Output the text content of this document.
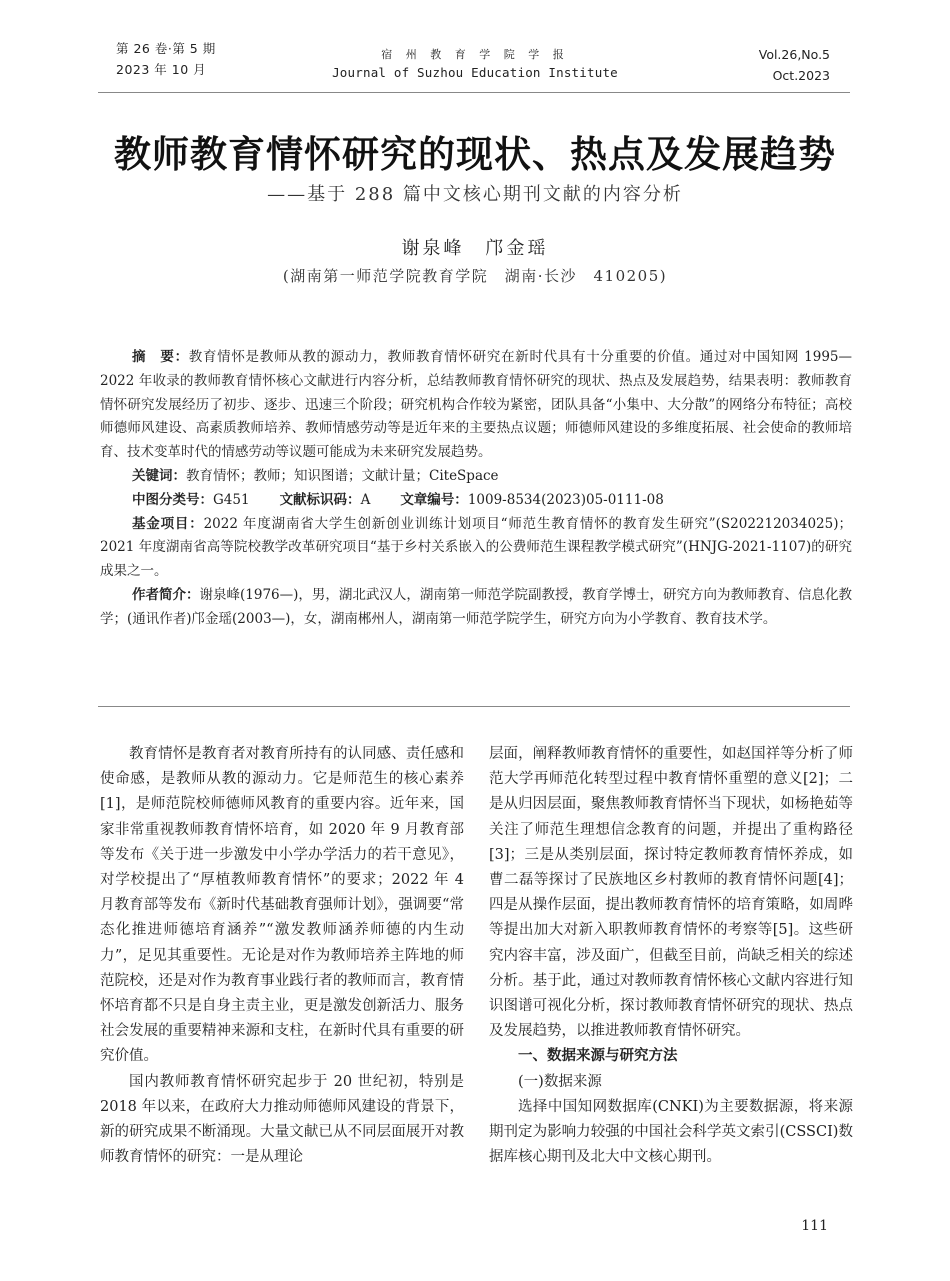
第 26 卷·第 5 期
2023 年 10 月
宿 州 教 育 学 院 学 报
Journal of Suzhou Education Institute
Vol.26,No.5
Oct.2023
教师教育情怀研究的现状、热点及发展趋势
——基于 288 篇中文核心期刊文献的内容分析
谢泉峰　邝金瑶
(湖南第一师范学院教育学院　湖南·长沙　410205)

摘　要：教育情怀是教师从教的源动力，教师教育情怀研究在新时代具有十分重要的价值。通过对中国知网 1995—2022 年收录的教师教育情怀核心文献进行内容分析，总结教师教育情怀研究的现状、热点及发展趋势，结果表明：教师教育情怀研究发展经历了初步、逐步、迅速三个阶段；研究机构合作较为紧密，团队具备“小集中、大分散”的网络分布特征；高校师德师风建设、高素质教师培养、教师情感劳动等是近年来的主要热点议题；师德师风建设的多维度拓展、社会使命的教师培育、技术变革时代的情感劳动等议题可能成为未来研究发展趋势。

关键词：教育情怀；教师；知识图谱；文献计量；CiteSpace

中图分类号：G451 文献标识码：A 文章编号：1009-8534(2023)05-0111-08

基金项目：2022 年度湖南省大学生创新创业训练计划项目“师范生教育情怀的教育发生研究”(S202212034025)；2021 年度湖南省高等院校教学改革研究项目“基于乡村关系嵌入的公费师范生课程教学模式研究”(HNJG-2021-1107)的研究成果之一。

作者简介：谢泉峰(1976—)，男，湖北武汉人，湖南第一师范学院副教授，教育学博士，研究方向为教师教育、信息化教学；(通讯作者)邝金瑶(2003—)，女，湖南郴州人，湖南第一师范学院学生，研究方向为小学教育、教育技术学。

教育情怀是教育者对教育所持有的认同感、责任感和使命感，是教师从教的源动力。它是师范生的核心素养[1]，是师范院校师德师风教育的重要内容。近年来，国家非常重视教师教育情怀培育，如 2020 年 9 月教育部等发布《关于进一步激发中小学办学活力的若干意见》，对学校提出了“厚植教师教育情怀”的要求；2022 年 4 月教育部等发布《新时代基础教育强师计划》，强调要“常态化推进师德培育涵养”“激发教师涵养师德的内生动力”，足见其重要性。无论是对作为教师培养主阵地的师范院校，还是对作为教育事业践行者的教师而言，教育情怀培育都不只是自身主责主业，更是激发创新活力、服务社会发展的重要精神来源和支柱，在新时代具有重要的研究价值。

国内教师教育情怀研究起步于 20 世纪初，特别是 2018 年以来，在政府大力推动师德师风建设的背景下，新的研究成果不断涌现。大量文献已从不同层面展开对教师教育情怀的研究：一是从理论

层面，阐释教师教育情怀的重要性，如赵国祥等分析了师范大学再师范化转型过程中教育情怀重塑的意义[2]；二是从归因层面，聚焦教师教育情怀当下现状，如杨艳茹等关注了师范生理想信念教育的问题，并提出了重构路径[3]；三是从类别层面，探讨特定教师教育情怀养成，如曹二磊等探讨了民族地区乡村教师的教育情怀问题[4]；四是从操作层面，提出教师教育情怀的培育策略，如周晔等提出加大对新入职教师教育情怀的考察等[5]。这些研究内容丰富，涉及面广，但截至目前，尚缺乏相关的综述分析。基于此，通过对教师教育情怀核心文献内容进行知识图谱可视化分析，探讨教师教育情怀研究的现状、热点及发展趋势，以推进教师教育情怀研究。

一、数据来源与研究方法

(一)数据来源

选择中国知网数据库(CNKI)为主要数据源，将来源期刊定为影响力较强的中国社会科学英文索引(CSSCI)数据库核心期刊及北大中文核心期刊。

111
